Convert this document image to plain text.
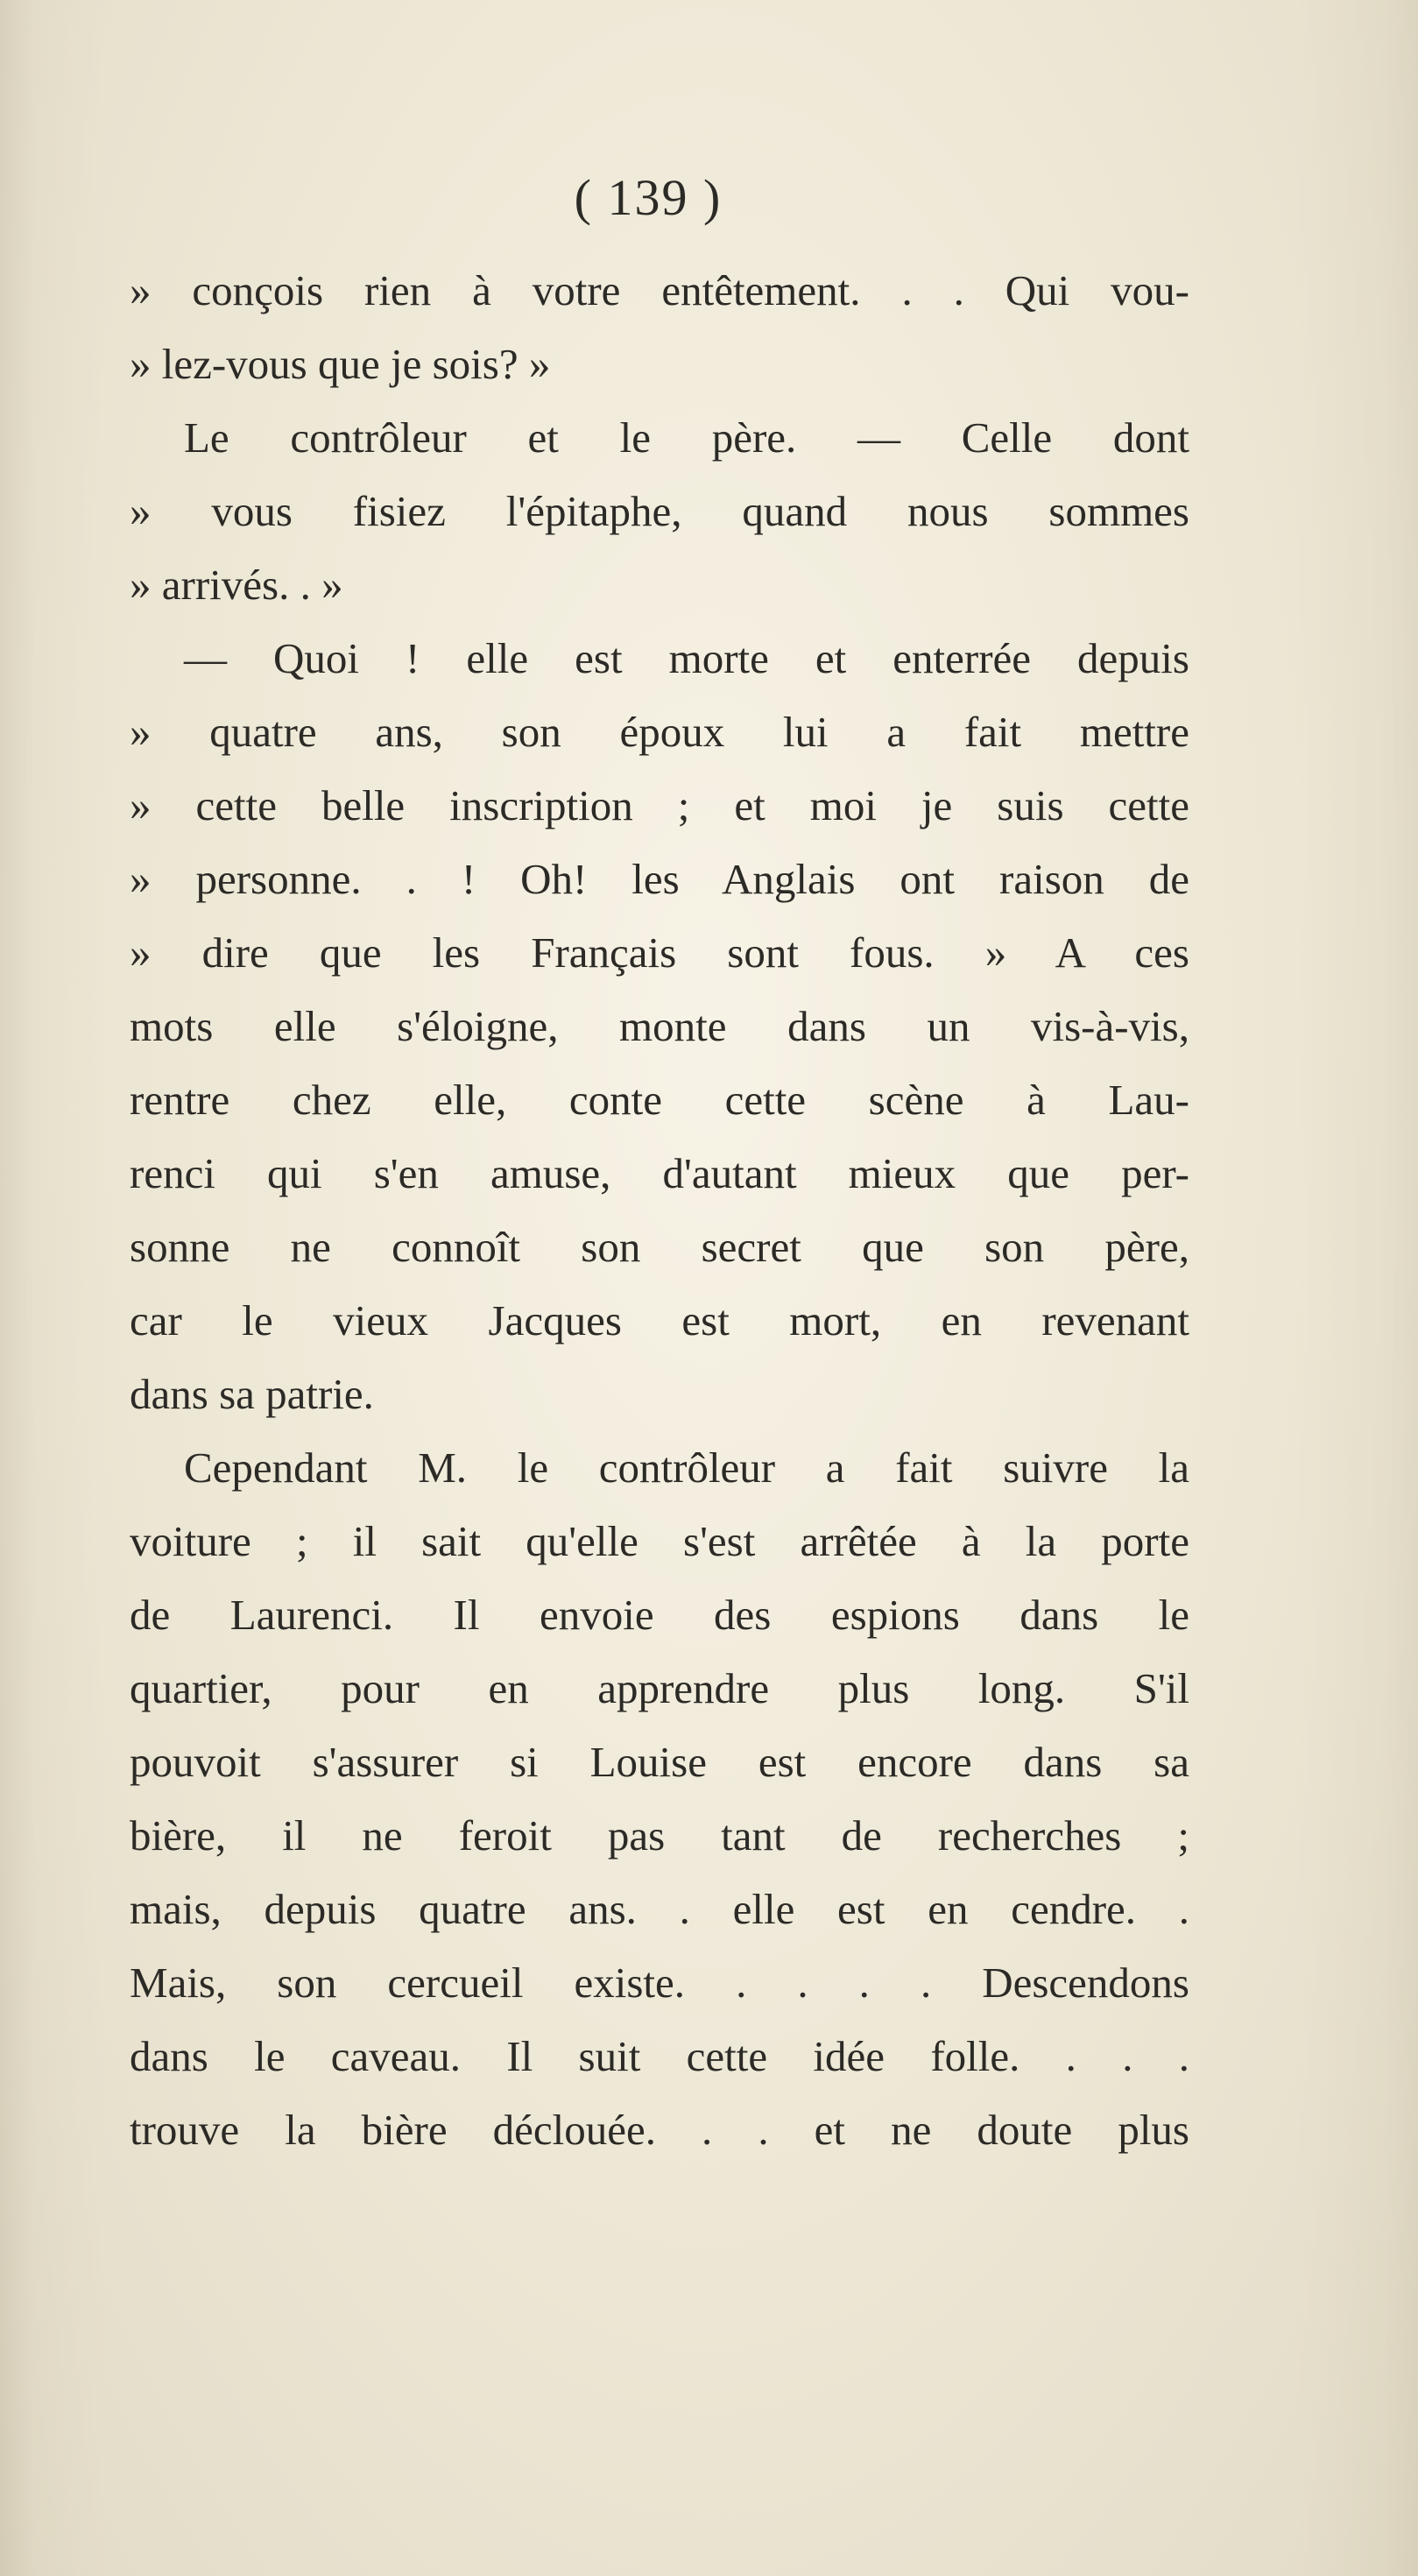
( 139 )
» conçois rien à votre entêtement. . . Qui vou-
» lez-vous que je sois? »
Le contrôleur et le père. — Celle dont
» vous fisiez l'épitaphe, quand nous sommes
» arrivés. . »
— Quoi ! elle est morte et enterrée depuis
» quatre ans, son époux lui a fait mettre
» cette belle inscription ; et moi je suis cette
» personne. . ! Oh! les Anglais ont raison de
» dire que les Français sont fous. » A ces
mots elle s'éloigne, monte dans un vis-à-vis,
rentre chez elle, conte cette scène à Lau-
renci qui s'en amuse, d'autant mieux que per-
sonne ne connoît son secret que son père,
car le vieux Jacques est mort, en revenant
dans sa patrie.
Cependant M. le contrôleur a fait suivre la
voiture ; il sait qu'elle s'est arrêtée à la porte
de Laurenci. Il envoie des espions dans le
quartier, pour en apprendre plus long. S'il
pouvoit s'assurer si Louise est encore dans sa
bière, il ne feroit pas tant de recherches ;
mais, depuis quatre ans. . elle est en cendre. .
Mais, son cercueil existe. . . . . Descendons
dans le caveau. Il suit cette idée folle. . . .
trouve la bière déclouée. . . et ne doute plus
